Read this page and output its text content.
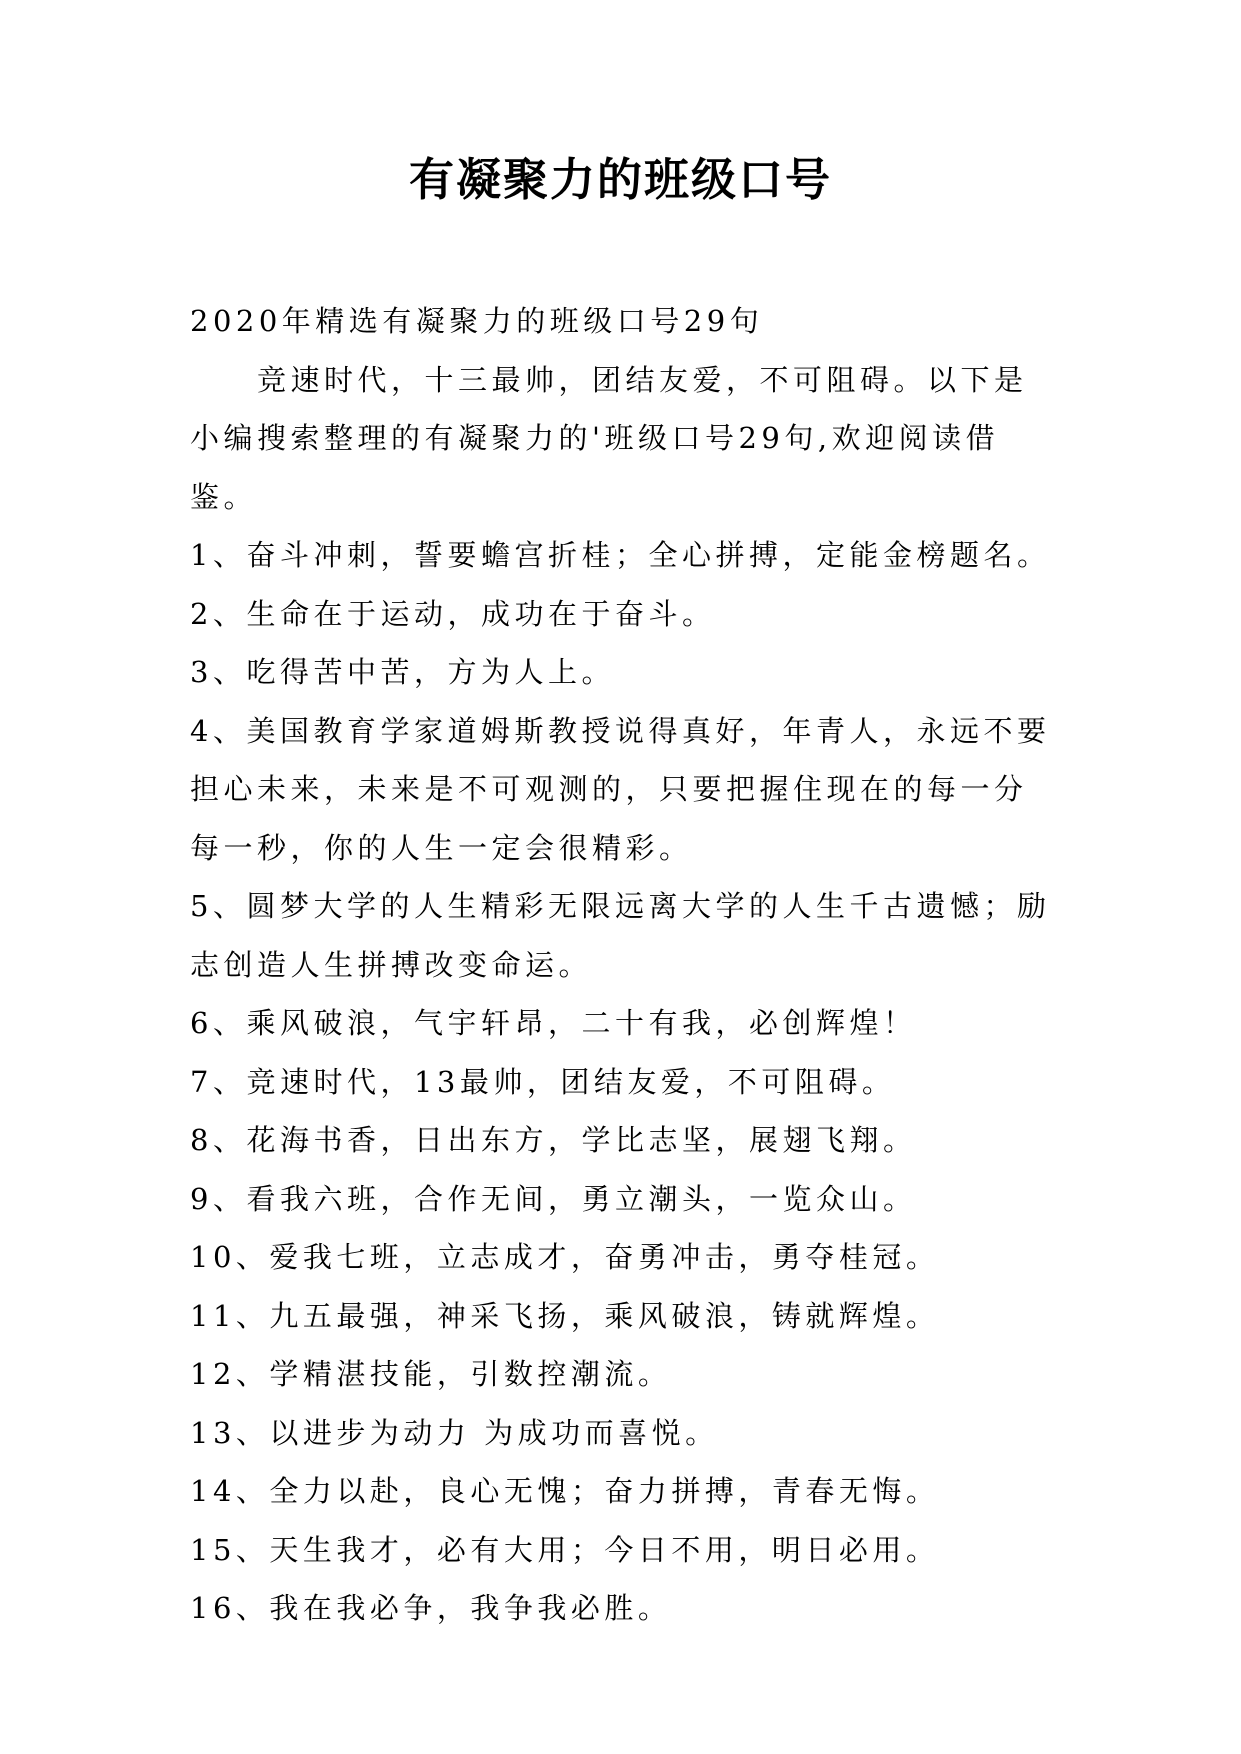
有凝聚力的班级口号

2020年精选有凝聚力的班级口号29句

竞速时代，十三最帅，团结友爱，不可阻碍。以下是小编搜索整理的有凝聚力的'班级口号29句,欢迎阅读借鉴。

1、奋斗冲刺，誓要蟾宫折桂；全心拼搏，定能金榜题名。

2、生命在于运动，成功在于奋斗。

3、吃得苦中苦，方为人上。

4、美国教育学家道姆斯教授说得真好，年青人，永远不要担心未来，未来是不可观测的，只要把握住现在的每一分每一秒，你的人生一定会很精彩。

5、圆梦大学的人生精彩无限远离大学的人生千古遗憾；励志创造人生拼搏改变命运。

6、乘风破浪，气宇轩昂，二十有我，必创辉煌！

7、竞速时代，13最帅，团结友爱，不可阻碍。

8、花海书香，日出东方，学比志坚，展翅飞翔。

9、看我六班，合作无间，勇立潮头，一览众山。

10、爱我七班，立志成才，奋勇冲击，勇夺桂冠。

11、九五最强，神采飞扬，乘风破浪，铸就辉煌。

12、学精湛技能，引数控潮流。

13、以进步为动力 为成功而喜悦。

14、全力以赴，良心无愧；奋力拼搏，青春无悔。

15、天生我才，必有大用；今日不用，明日必用。

16、我在我必争，我争我必胜。
